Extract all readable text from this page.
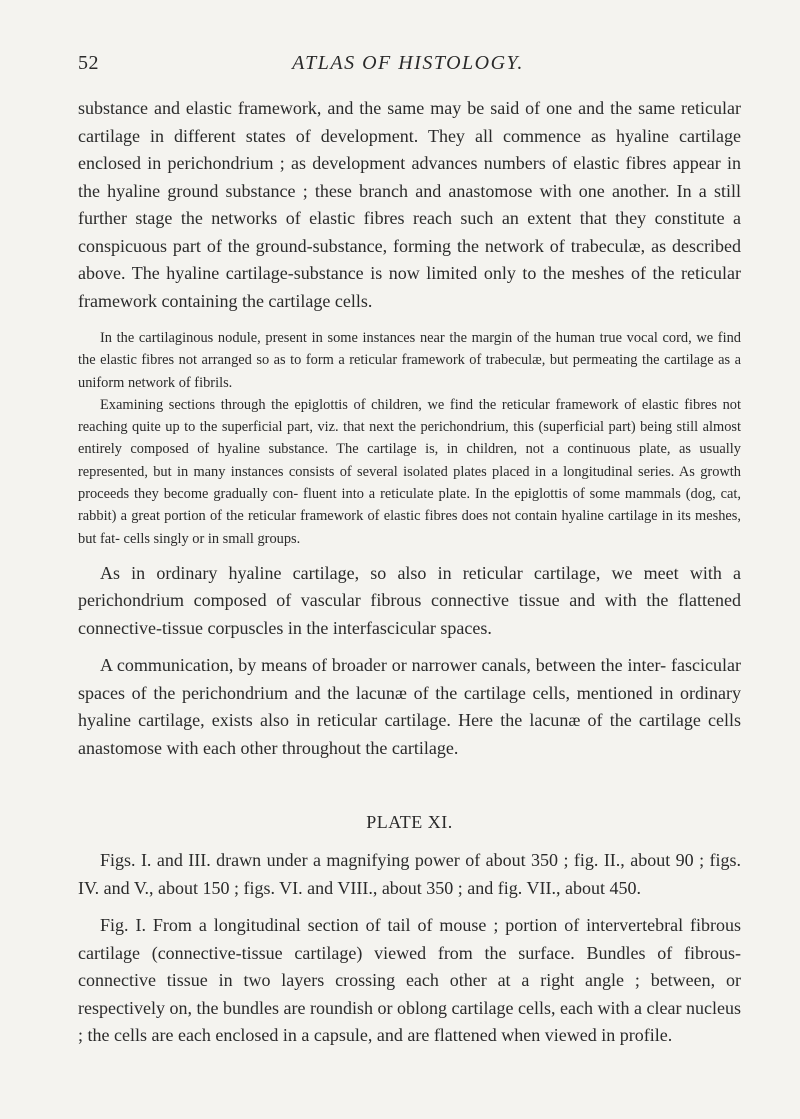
52	ATLAS OF HISTOLOGY.

substance and elastic framework, and the same may be said of one and the same reticular cartilage in different states of development. They all commence as hyaline cartilage enclosed in perichondrium ; as development advances numbers of elastic fibres appear in the hyaline ground substance ; these branch and anastomose with one another. In a still further stage the networks of elastic fibres reach such an extent that they constitute a conspicuous part of the ground-substance, forming the network of trabeculæ, as described above. The hyaline cartilage-substance is now limited only to the meshes of the reticular framework containing the cartilage cells.

In the cartilaginous nodule, present in some instances near the margin of the human true vocal cord, we find the elastic fibres not arranged so as to form a reticular framework of trabeculæ, but permeating the cartilage as a uniform network of fibrils.

Examining sections through the epiglottis of children, we find the reticular framework of elastic fibres not reaching quite up to the superficial part, viz. that next the perichondrium, this (superficial part) being still almost entirely composed of hyaline substance. The cartilage is, in children, not a continuous plate, as usually represented, but in many instances consists of several isolated plates placed in a longitudinal series. As growth proceeds they become gradually con- fluent into a reticulate plate. In the epiglottis of some mammals (dog, cat, rabbit) a great portion of the reticular framework of elastic fibres does not contain hyaline cartilage in its meshes, but fat- cells singly or in small groups.

As in ordinary hyaline cartilage, so also in reticular cartilage, we meet with a perichondrium composed of vascular fibrous connective tissue and with the flattened connective-tissue corpuscles in the interfascicular spaces.

A communication, by means of broader or narrower canals, between the inter- fascicular spaces of the perichondrium and the lacunæ of the cartilage cells, mentioned in ordinary hyaline cartilage, exists also in reticular cartilage. Here the lacunæ of the cartilage cells anastomose with each other throughout the cartilage.

PLATE XI.

Figs. I. and III. drawn under a magnifying power of about 350 ; fig. II., about 90 ; figs. IV. and V., about 150 ; figs. VI. and VIII., about 350 ; and fig. VII., about 450.

Fig. I. From a longitudinal section of tail of mouse ; portion of intervertebral fibrous cartilage (connective-tissue cartilage) viewed from the surface. Bundles of fibrous-connective tissue in two layers crossing each other at a right angle ; between, or respectively on, the bundles are roundish or oblong cartilage cells, each with a clear nucleus ; the cells are each enclosed in a capsule, and are flattened when viewed in profile.
